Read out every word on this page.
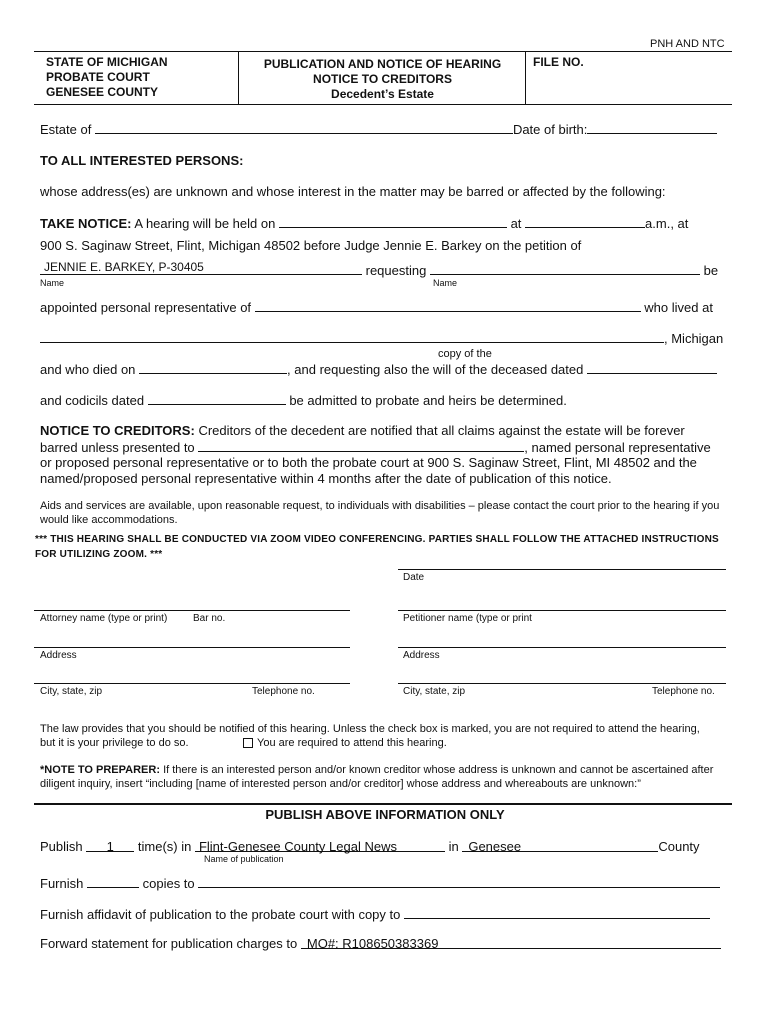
PNH AND NTC
STATE OF MICHIGAN
PROBATE COURT
GENESEE COUNTY
PUBLICATION AND NOTICE OF HEARING
NOTICE TO CREDITORS
Decedent’s Estate
FILE NO.
Estate of	Date of birth:
TO ALL INTERESTED PERSONS:
whose address(es) are unknown and whose interest in the matter may be barred or affected by the following:
TAKE NOTICE: A hearing will be held on	at	a.m., at
900 S. Saginaw Street, Flint, Michigan 48502 before Judge Jennie E. Barkey on the petition of
JENNIE E. BARKEY, P-30405	requesting	be
Name	Name
appointed personal representative of	who lived at
, Michigan
copy of the
and who died on	, and requesting also the will of the deceased dated
and codicils dated	be admitted to probate and heirs be determined.
NOTICE TO CREDITORS: Creditors of the decedent are notified that all claims against the estate will be forever
barred unless presented to	, named personal representative
or proposed personal representative or to both the probate court at 900 S. Saginaw Street, Flint, MI 48502 and the
named/proposed personal representative within 4 months after the date of publication of this notice.
Aids and services are available, upon reasonable request, to individuals with disabilities – please contact the court prior to the hearing if you would like accommodations.
*** THIS HEARING SHALL BE CONDUCTED VIA ZOOM VIDEO CONFERENCING. PARTIES SHALL FOLLOW THE ATTACHED INSTRUCTIONS FOR UTILIZING ZOOM. ***
Date
Attorney name (type or print)	Bar no.	Petitioner name (type or print
Address	Address
City, state, zip	Telephone no.	City, state, zip	Telephone no.
The law provides that you should be notified of this hearing. Unless the check box is marked, you are not required to attend the hearing,
but it is your privilege to do so.	You are required to attend this hearing.
*NOTE TO PREPARER: If there is an interested person and/or known creditor whose address is unknown and cannot be ascertained after diligent inquiry, insert “including [name of interested person and/or creditor] whose address and whereabouts are unknown:”
PUBLISH ABOVE INFORMATION ONLY
Publish 1 time(s) in Flint-Genesee County Legal News	in Genesee	County
Name of publication
Furnish	copies to
Furnish affidavit of publication to the probate court with copy to
Forward statement for publication charges to MO#: R108650383369
